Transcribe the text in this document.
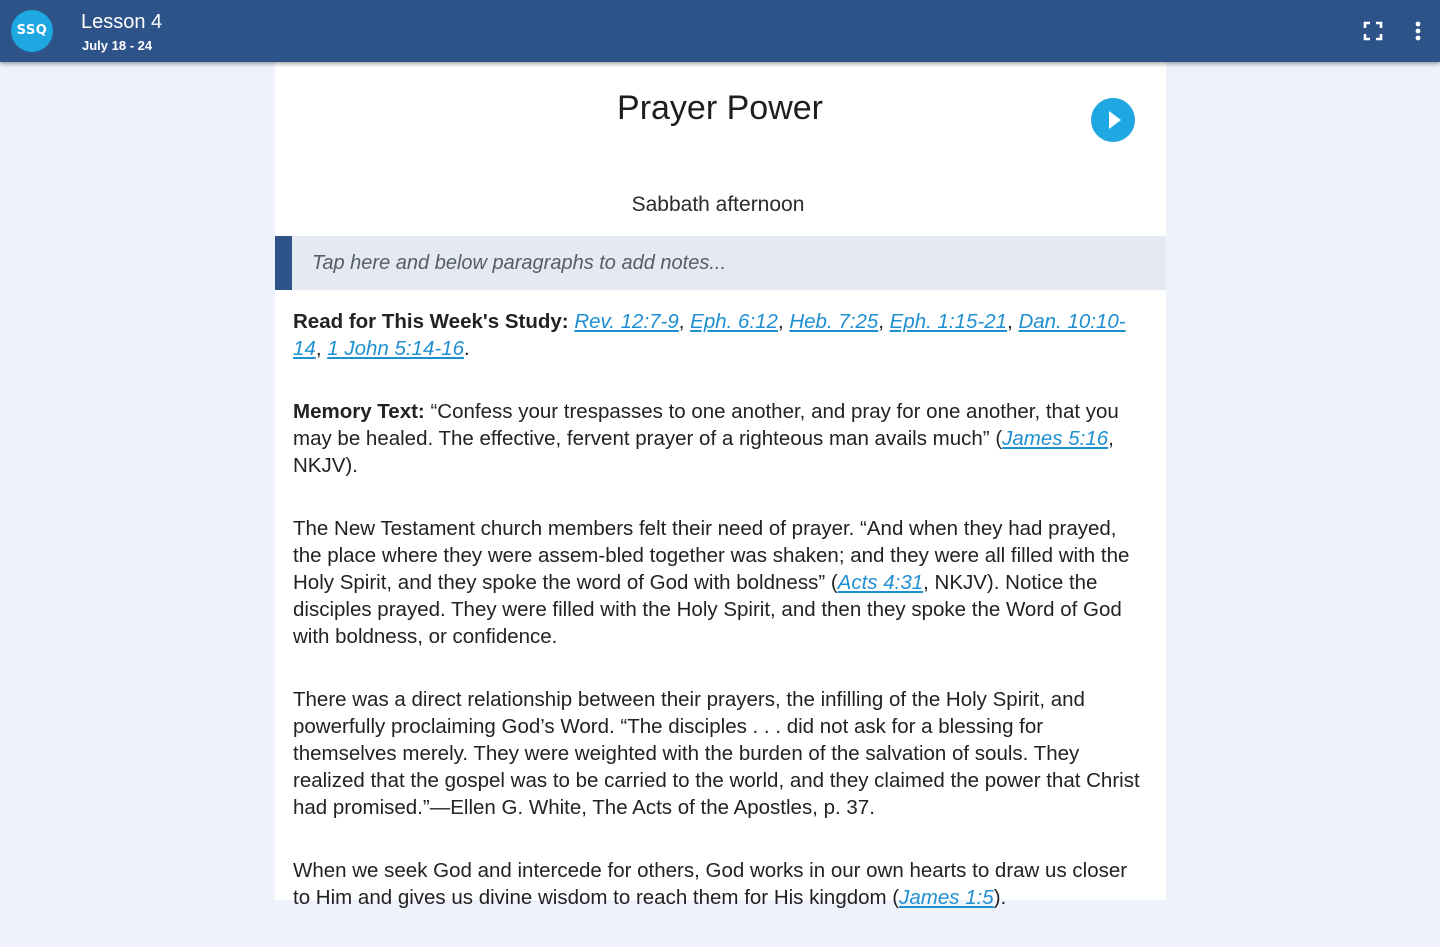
SSQ Lesson 4
July 18 - 24
Prayer Power
Sabbath afternoon
Tap here and below paragraphs to add notes...

Read for This Week's Study: Rev. 12:7-9, Eph. 6:12, Heb. 7:25, Eph. 1:15-21, Dan. 10:10-14, 1 John 5:14-16.

Memory Text: “Confess your trespasses to one another, and pray for one another, that you may be healed. The effective, fervent prayer of a righteous man avails much” (James 5:16, NKJV).

The New Testament church members felt their need of prayer. “And when they had prayed, the place where they were assem-bled together was shaken; and they were all filled with the Holy Spirit, and they spoke the word of God with boldness” (Acts 4:31, NKJV). Notice the disciples prayed. They were filled with the Holy Spirit, and then they spoke the Word of God with boldness, or confidence.

There was a direct relationship between their prayers, the infilling of the Holy Spirit, and powerfully proclaiming God’s Word. “The disciples . . . did not ask for a blessing for themselves merely. They were weighted with the burden of the salvation of souls. They realized that the gospel was to be carried to the world, and they claimed the power that Christ had promised.”—Ellen G. White, The Acts of the Apostles, p. 37.

When we seek God and intercede for others, God works in our own hearts to draw us closer to Him and gives us divine wisdom to reach them for His kingdom (James 1:5).
